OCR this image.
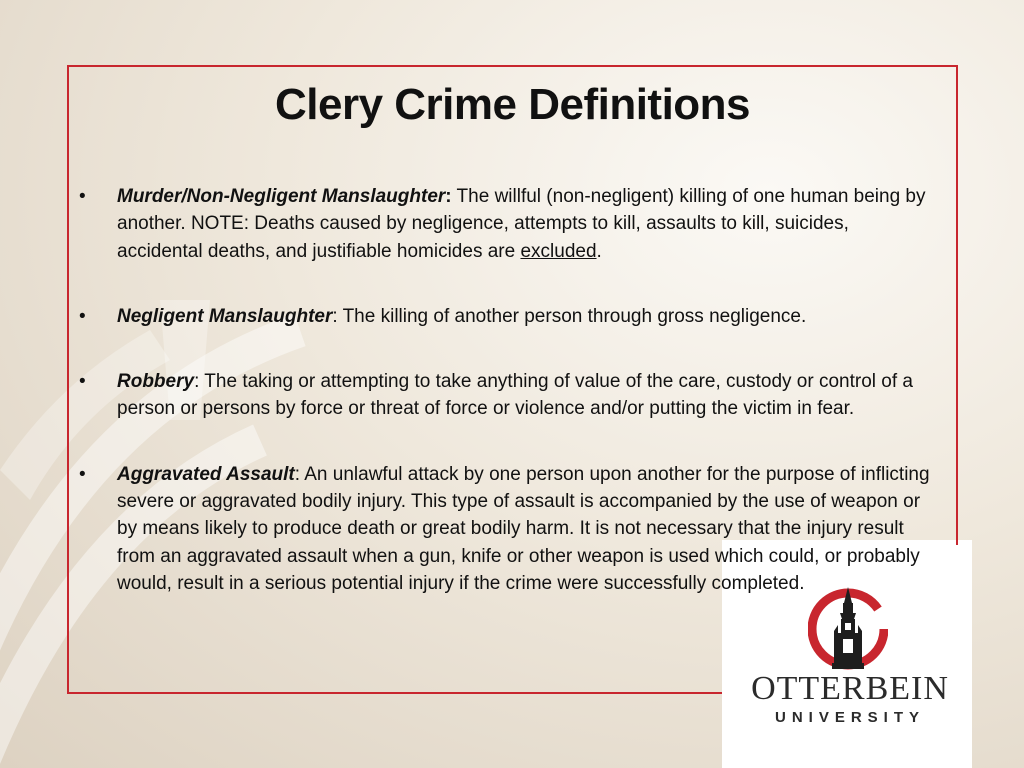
Clery Crime Definitions
• Murder/Non-Negligent Manslaughter: The willful (non-negligent) killing of one human being by another. NOTE: Deaths caused by negligence, attempts to kill, assaults to kill, suicides, accidental deaths, and justifiable homicides are excluded.
• Negligent Manslaughter: The killing of another person through gross negligence.
• Robbery: The taking or attempting to take anything of value of the care, custody or control of a person or persons by force or threat of force or violence and/or putting the victim in fear.
• Aggravated Assault: An unlawful attack by one person upon another for the purpose of inflicting severe or aggravated bodily injury. This type of assault is accompanied by the use of weapon or by means likely to produce death or great bodily harm. It is not necessary that the injury result from an aggravated assault when a gun, knife or other weapon is used which could, or probably would, result in a serious potential injury if the crime were successfully completed.
OTTERBEIN
UNIVERSITY
